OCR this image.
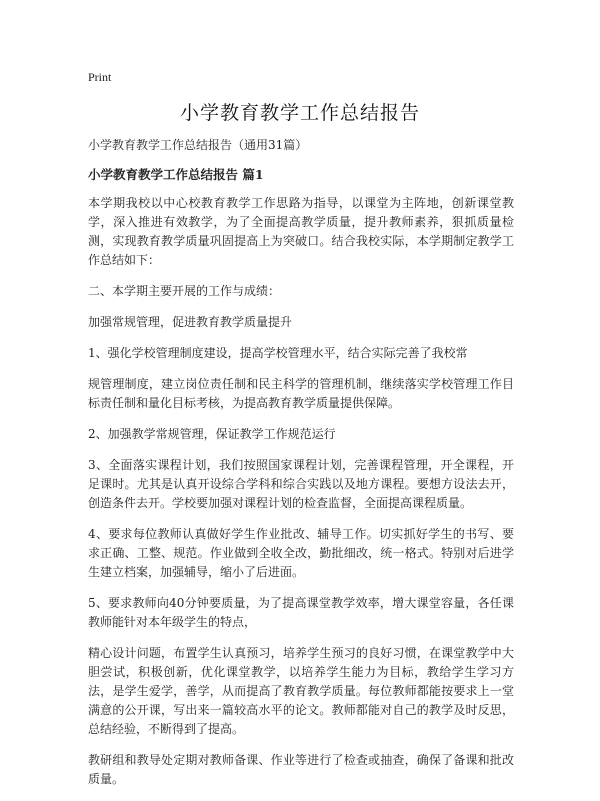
Print
小学教育教学工作总结报告

小学教育教学工作总结报告（通用31篇）

小学教育教学工作总结报告 篇1

本学期我校以中心校教育教学工作思路为指导，以课堂为主阵地，创新课堂教学，深入推进有效教学，为了全面提高教学质量，提升教师素养，狠抓质量检测，实现教育教学质量巩固提高上为突破口。结合我校实际，本学期制定教学工作总结如下：

二、本学期主要开展的工作与成绩：

加强常规管理，促进教育教学质量提升

1、强化学校管理制度建设，提高学校管理水平，结合实际完善了我校常

规管理制度，建立岗位责任制和民主科学的管理机制，继续落实学校管理工作目标责任制和量化目标考核，为提高教育教学质量提供保障。

2、加强教学常规管理，保证教学工作规范运行

3、全面落实课程计划，我们按照国家课程计划，完善课程管理，开全课程，开足课时。尤其是认真开设综合学科和综合实践以及地方课程。要想方设法去开，创造条件去开。学校要加强对课程计划的检查监督，全面提高课程质量。

4、要求每位教师认真做好学生作业批改、辅导工作。切实抓好学生的书写、要求正确、工整、规范。作业做到全收全改，勤批细改，统一格式。特别对后进学生建立档案，加强辅导，缩小了后进面。

5、要求教师向40分钟要质量，为了提高课堂教学效率，增大课堂容量，各任课教师能针对本年级学生的特点，

精心设计问题，布置学生认真预习，培养学生预习的良好习惯，在课堂教学中大胆尝试，积极创新，优化课堂教学，以培养学生能力为目标，教给学生学习方法，是学生爱学，善学，从而提高了教育教学质量。每位教师都能按要求上一堂满意的公开课，写出来一篇较高水平的论文。教师都能对自己的教学及时反思，总结经验，不断得到了提高。

教研组和教导处定期对教师备课、作业等进行了检查或抽查，确保了备课和批改质量。
